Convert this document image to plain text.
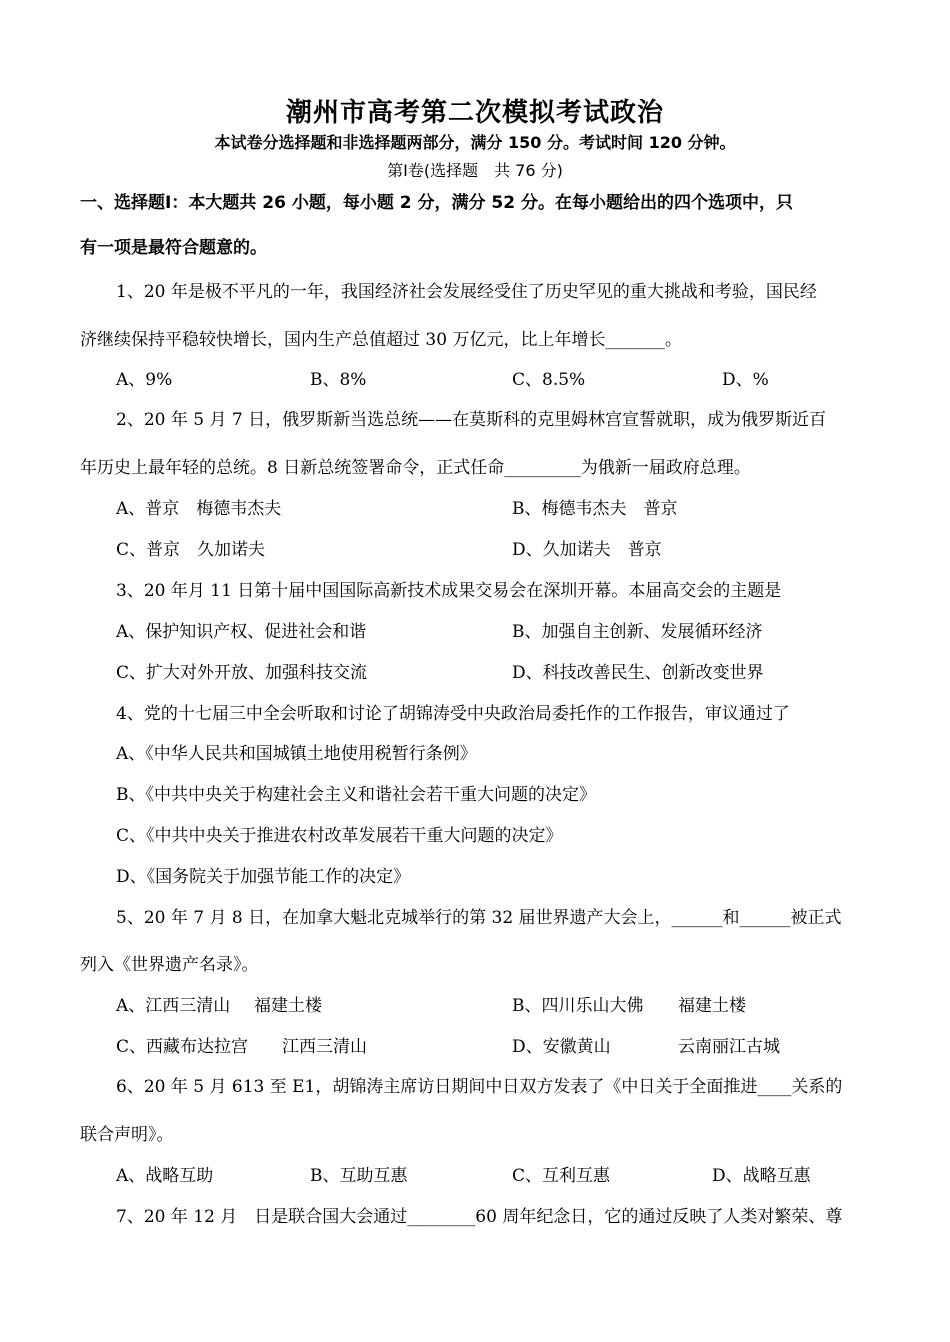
潮州市高考第二次模拟考试政治
本试卷分选择题和非选择题两部分，满分 150 分。考试时间 120 分钟。
第Ⅰ卷(选择题　共 76 分)
一、选择题Ⅰ：本大题共 26 小题，每小题 2 分，满分 52 分。在每小题给出的四个选项中，只
有一项是最符合题意的。
1、20 年是极不平凡的一年，我国经济社会发展经受住了历史罕见的重大挑战和考验，国民经
济继续保持平稳较快增长，国内生产总值超过 30 万亿元，比上年增长_______。
A、9%	B、8%	C、8.5%	D、%
2、20 年 5 月 7 日，俄罗斯新当选总统——在莫斯科的克里姆林宫宣誓就职，成为俄罗斯近百
年历史上最年轻的总统。8 日新总统签署命令，正式任命_________为俄新一届政府总理。
A、普京　梅德韦杰夫	B、梅德韦杰夫　普京
C、普京　久加诺夫	D、久加诺夫　普京
3、20 年月 11 日第十届中国国际高新技术成果交易会在深圳开幕。本届高交会的主题是
A、保护知识产权、促进社会和谐	B、加强自主创新、发展循环经济
C、扩大对外开放、加强科技交流	D、科技改善民生、创新改变世界
4、党的十七届三中全会听取和讨论了胡锦涛受中央政治局委托作的工作报告，审议通过了
A、《中华人民共和国城镇土地使用税暂行条例》
B、《中共中央关于构建社会主义和谐社会若干重大问题的决定》
C、《中共中央关于推进农村改革发展若干重大问题的决定》
D、《国务院关于加强节能工作的决定》
5、20 年 7 月 8 日，在加拿大魁北克城举行的第 32 届世界遗产大会上，______和______被正式
列入《世界遗产名录》。
A、江西三清山 福建土楼	B、四川乐山大佛 福建土楼
C、西藏布达拉宫 江西三清山	D、安徽黄山	云南丽江古城
6、20 年 5 月 613 至 E1，胡锦涛主席访日期间中日双方发表了《中日关于全面推进____关系的
联合声明》。
A、战略互助	B、互助互惠	C、互利互惠	D、战略互惠
7、20 年 12 月　日是联合国大会通过________60 周年纪念日，它的通过反映了人类对繁荣、尊
